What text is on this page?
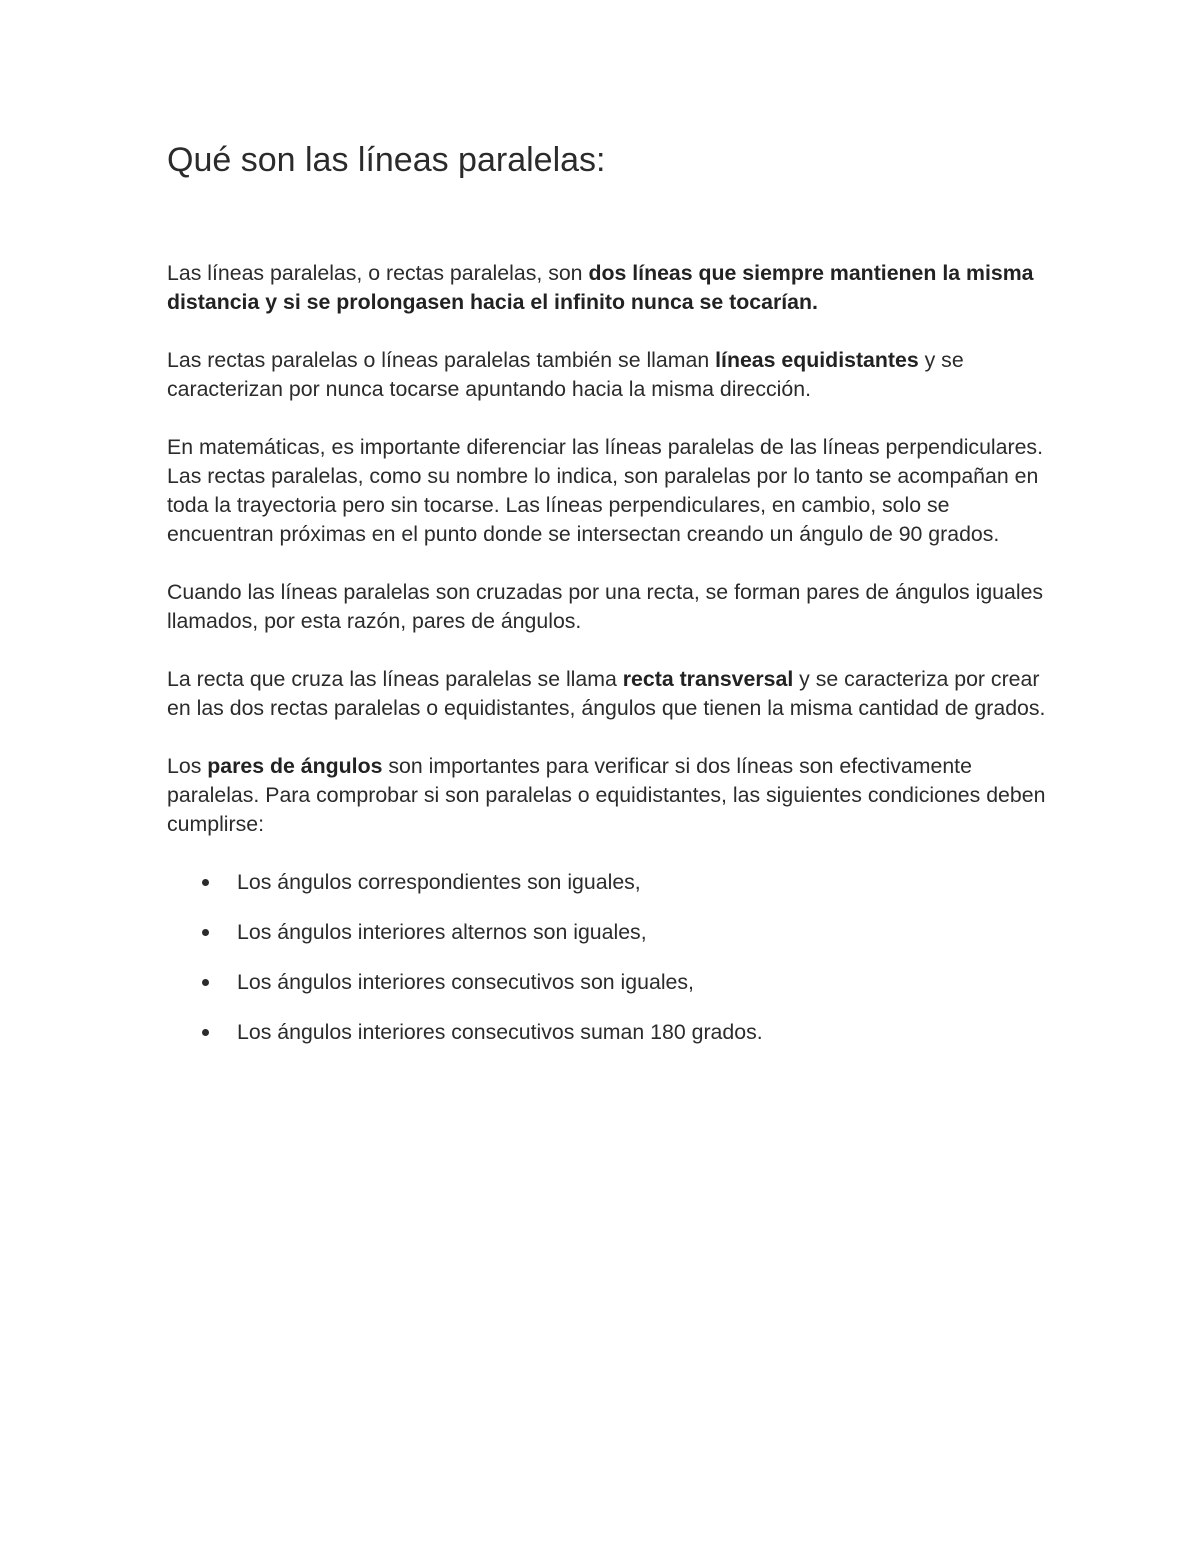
Qué son las líneas paralelas:

Las líneas paralelas, o rectas paralelas, son dos líneas que siempre mantienen la misma distancia y si se prolongasen hacia el infinito nunca se tocarían.

Las rectas paralelas o líneas paralelas también se llaman líneas equidistantes y se caracterizan por nunca tocarse apuntando hacia la misma dirección.

En matemáticas, es importante diferenciar las líneas paralelas de las líneas perpendiculares. Las rectas paralelas, como su nombre lo indica, son paralelas por lo tanto se acompañan en toda la trayectoria pero sin tocarse. Las líneas perpendiculares, en cambio, solo se encuentran próximas en el punto donde se intersectan creando un ángulo de 90 grados.

Cuando las líneas paralelas son cruzadas por una recta, se forman pares de ángulos iguales llamados, por esta razón, pares de ángulos.

La recta que cruza las líneas paralelas se llama recta transversal y se caracteriza por crear en las dos rectas paralelas o equidistantes, ángulos que tienen la misma cantidad de grados.

Los pares de ángulos son importantes para verificar si dos líneas son efectivamente paralelas. Para comprobar si son paralelas o equidistantes, las siguientes condiciones deben cumplirse:

Los ángulos correspondientes son iguales,
Los ángulos interiores alternos son iguales,
Los ángulos interiores consecutivos son iguales,
Los ángulos interiores consecutivos suman 180 grados.
